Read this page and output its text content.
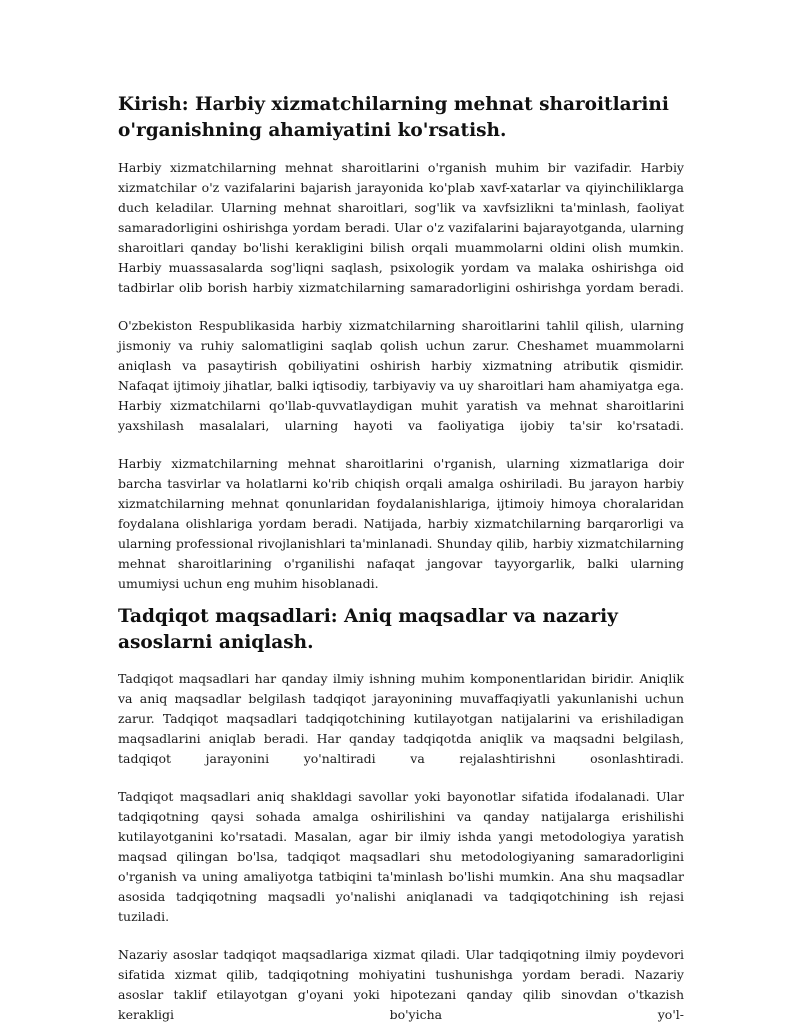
Kirish: Harbiy xizmatchilarning mehnat sharoitlarini o'rganishning ahamiyatini ko'rsatish.

Harbiy xizmatchilarning mehnat sharoitlarini o'rganish muhim bir vazifadir. Harbiy xizmatchilar o'z vazifalarini bajarish jarayonida ko'plab xavf-xatarlar va qiyinchiliklarga duch keladilar. Ularning mehnat sharoitlari, sog'lik va xavfsizlikni ta'minlash, faoliyat samaradorligini oshirishga yordam beradi. Ular o'z vazifalarini bajarayotganda, ularning sharoitlari qanday bo'lishi kerakligini bilish orqali muammolarni oldini olish mumkin. Harbiy muassasalarda sog'liqni saqlash, psixologik yordam va malaka oshirishga oid tadbirlar olib borish harbiy xizmatchilarning samaradorligini oshirishga yordam beradi.

O'zbekiston Respublikasida harbiy xizmatchilarning sharoitlarini tahlil qilish, ularning jismoniy va ruhiy salomatligini saqlab qolish uchun zarur. Cheshamet muammolarni aniqlash va pasaytirish qobiliyatini oshirish harbiy xizmatning atributik qismidir. Nafaqat ijtimoiy jihatlar, balki iqtisodiy, tarbiyaviy va uy sharoitlari ham ahamiyatga ega. Harbiy xizmatchilarni qo'llab-quvvatlaydigan muhit yaratish va mehnat sharoitlarini yaxshilash masalalari, ularning hayoti va faoliyatiga ijobiy ta'sir ko'rsatadi.

Harbiy xizmatchilarning mehnat sharoitlarini o'rganish, ularning xizmatlariga doir barcha tasvirlar va holatlarni ko'rib chiqish orqali amalga oshiriladi. Bu jarayon harbiy xizmatchilarning mehnat qonunlaridan foydalanishlariga, ijtimoiy himoya choralaridan foydalana olishlariga yordam beradi. Natijada, harbiy xizmatchilarning barqarorligi va ularning professional rivojlanishlari ta'minlanadi. Shunday qilib, harbiy xizmatchilarning mehnat sharoitlarining o'rganilishi nafaqat jangovar tayyorgarlik, balki ularning umumiysi uchun eng muhim hisoblanadi.

Tadqiqot maqsadlari: Aniq maqsadlar va nazariy asoslarni aniqlash.

Tadqiqot maqsadlari har qanday ilmiy ishning muhim komponentlaridan biridir. Aniqlik va aniq maqsadlar belgilash tadqiqot jarayonining muvaffaqiyatli yakunlanishi uchun zarur. Tadqiqot maqsadlari tadqiqotchining kutilayotgan natijalarini va erishiladigan maqsadlarini aniqlab beradi. Har qanday tadqiqotda aniqlik va maqsadni belgilash, tadqiqot jarayonini yo'naltiradi va rejalashtirishni osonlashtiradi.

Tadqiqot maqsadlari aniq shakldagi savollar yoki bayonotlar sifatida ifodalanadi. Ular tadqiqotning qaysi sohada amalga oshirilishini va qanday natijalarga erishilishi kutilayotganini ko'rsatadi. Masalan, agar bir ilmiy ishda yangi metodologiya yaratish maqsad qilingan bo'lsa, tadqiqot maqsadlari shu metodologiyaning samaradorligini o'rganish va uning amaliyotga tatbiqini ta'minlash bo'lishi mumkin. Ana shu maqsadlar asosida tadqiqotning maqsadli yo'nalishi aniqlanadi va tadqiqotchining ish rejasi tuziladi.

Nazariy asoslar tadqiqot maqsadlariga xizmat qiladi. Ular tadqiqotning ilmiy poydevori sifatida xizmat qilib, tadqiqotning mohiyatini tushunishga yordam beradi. Nazariy asoslar taklif etilayotgan g'oyani yoki hipotezani qanday qilib sinovdan o'tkazish kerakligi bo'yicha yo'l-
